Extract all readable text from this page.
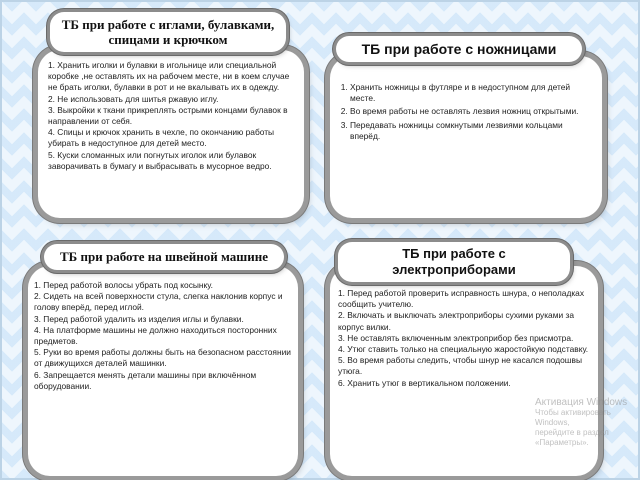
1. Хранить иголки и булавки в игольнице или специальной коробке ,не оставлять их на рабочем месте, ни в коем случае не брать иголки, булавки в рот и не вкалывать их в одежду.

2. Не использовать для шитья ржавую иглу.

3. Выкройки к ткани прикреплять острыми концами булавок в направлении от себя.

4. Спицы и крючок хранить в чехле, по окончанию работы убирать в недоступное для детей место.

5. Куски сломанных или погнутых иголок или булавок заворачивать в бумагу и выбрасывать в мусорное ведро.

ТБ при работе с иглами, булавками, спицами и крючком
1. Хранить ножницы в футляре и в недоступном для детей месте.
2. Во время работы не оставлять лезвия ножниц открытыми.
3. Передавать ножницы сомкнутыми лезвиями кольцами вперёд.
ТБ при работе с ножницами

1. Перед работой волосы убрать под косынку.

2. Сидеть на всей поверхности стула, слегка наклонив корпус и голову вперёд, перед иглой.

3. Перед работой удалить из изделия иглы и булавки.

4. На платформе машины не должно находиться посторонних предметов.

5. Руки во время работы должны быть на безопасном расстоянии от движущихся деталей машинки.

6. Запрещается менять детали машины при включённом оборудовании.

ТБ при работе на швейной машине

1. Перед работой проверить исправность шнура, о неполадках сообщить учителю.

2. Включать и выключать электроприборы сухими руками за корпус вилки.

3. Не оставлять включенным электроприбор без присмотра.

4. Утюг ставить только на специальную жаростойкую подставку.

5. Во время работы следить, чтобы шнур не касался подошвы утюга.

6. Хранить утюг в вертикальном положении.

ТБ при работе с электроприборами
Активация Windows
Чтобы активировать Windows,
перейдите в раздел «Параметры».
